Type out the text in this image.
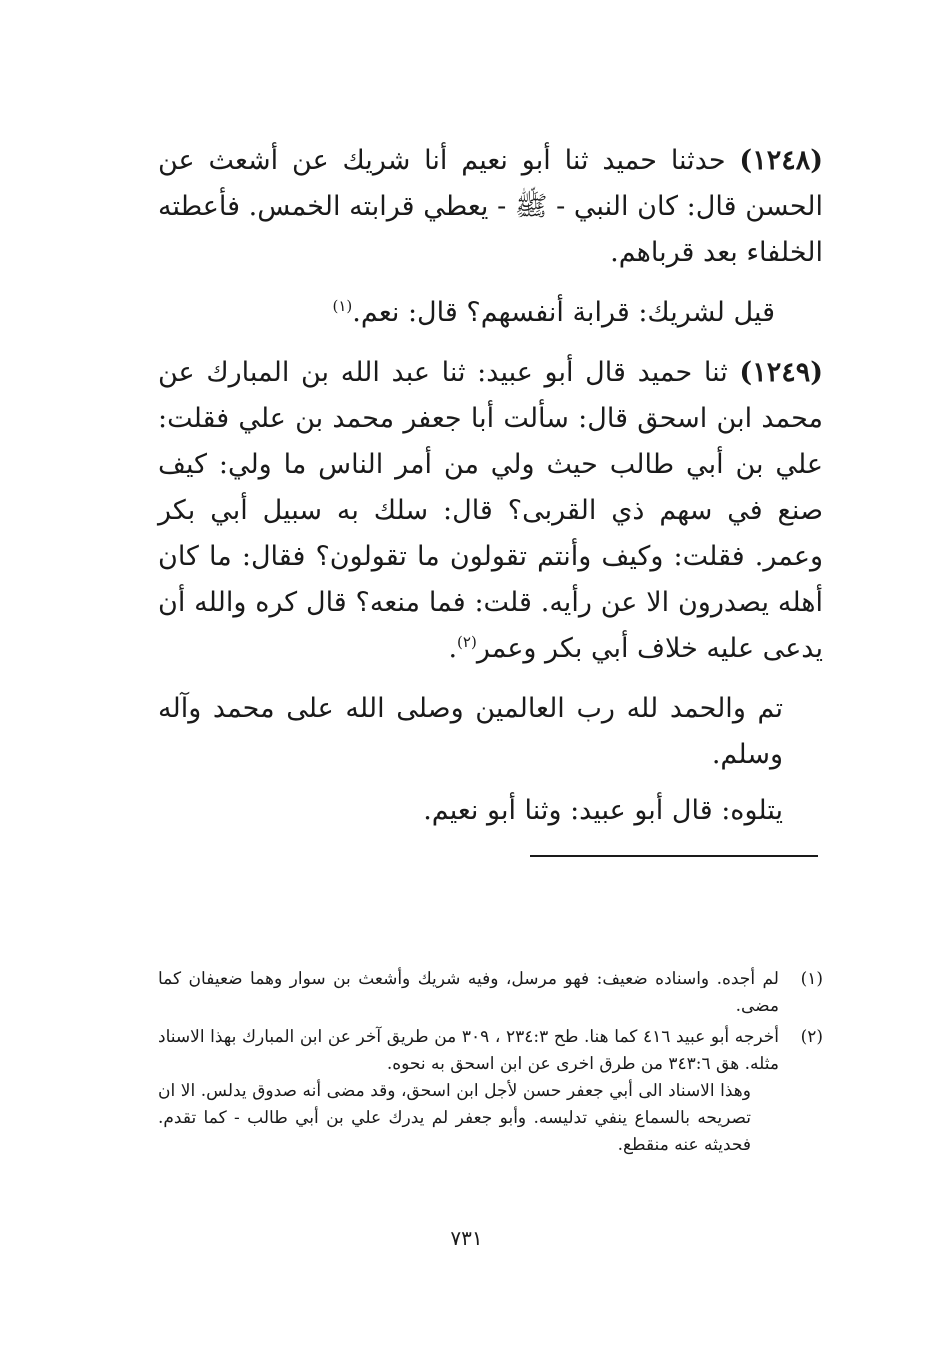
(١٢٤٨) حدثنا حميد ثنا أبو نعيم أنا شريك عن أشعث عن الحسن قال: كان النبي - ﷺ - يعطي قرابته الخمس. فأعطته الخلفاء بعد قرباهم.

قيل لشريك: قرابة أنفسهم؟ قال: نعم.$^{(١)}$

(١٢٤٩) ثنا حميد قال أبو عبيد: ثنا عبد الله بن المبارك عن محمد ابن اسحق قال: سألت أبا جعفر محمد بن علي فقلت: علي بن أبي طالب حيث ولي من أمر الناس ما ولي: كيف صنع في سهم ذي القربى؟ قال: سلك به سبيل أبي بكر وعمر. فقلت: وكيف وأنتم تقولون ما تقولون؟ فقال: ما كان أهله يصدرون الا عن رأيه. قلت: فما منعه؟ قال كره والله أن يدعى عليه خلاف أبي بكر وعمر$^{(٢)}$.

تم والحمد لله رب العالمين وصلى الله على محمد وآله وسلم.

يتلوه: قال أبو عبيد: وثنا أبو نعيم.

(١)
لم أجده. واسناده ضعيف: فهو مرسل، وفيه شريك وأشعث بن سوار وهما ضعيفان كما مضى.
(٢)
أخرجه أبو عبيد ٤١٦ كما هنا. طح ٢٣٤:٣ ، ٣٠٩ من طريق آخر عن ابن المبارك بهذا الاسناد مثله. هق ٣٤٣:٦ من طرق اخرى عن ابن اسحق به نحوه.
وهذا الاسناد الى أبي جعفر حسن لأجل ابن اسحق، وقد مضى أنه صدوق يدلس. الا ان تصريحه بالسماع ينفي تدليسه. وأبو جعفر لم يدرك علي بن أبي طالب - كما تقدم. فحديثه عنه منقطع.
٧٣١
